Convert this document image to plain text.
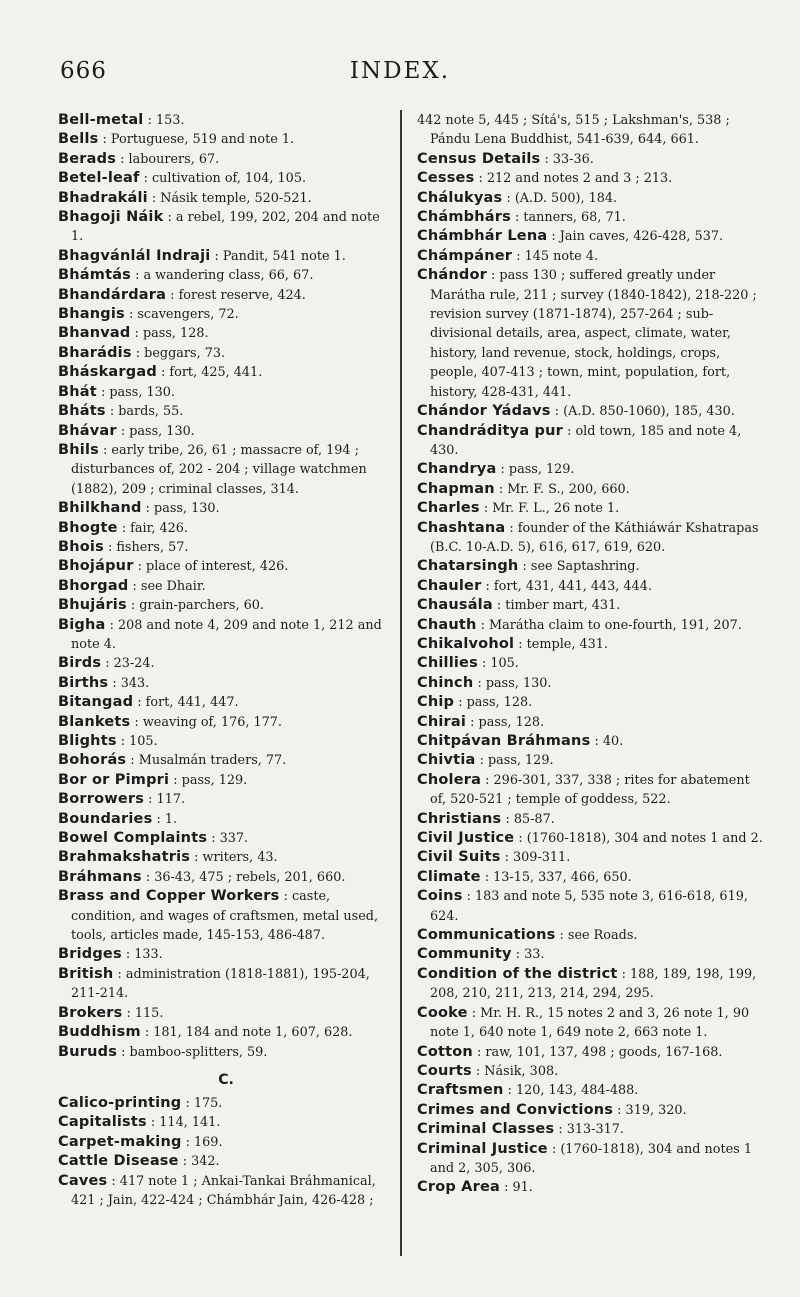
INDEX.
666
Bell-metal : 153.
Bells : Portuguese, 519 and note 1.
Berads : labourers, 67.
Betel-leaf : cultivation of, 104, 105.
Bhadrakáli : Násik temple, 520-521.
Bhagoji Náik : a rebel, 199, 202, 204 and note 1.
Bhagvánlál Indraji : Pandit, 541 note 1.
Bhámtás : a wandering class, 66, 67.
Bhandárdara : forest reserve, 424.
Bhangis : scavengers, 72.
Bhanvad : pass, 128.
Bharádis : beggars, 73.
Bháskargad : fort, 425, 441.
Bhát : pass, 130.
Bháts : bards, 55.
Bhávar : pass, 130.
Bhils : early tribe, 26, 61 ; massacre of, 194 ; disturbances of, 202 - 204 ; village watchmen (1882), 209 ; criminal classes, 314.
Bhilkhand : pass, 130.
Bhogte : fair, 426.
Bhois : fishers, 57.
Bhojápur : place of interest, 426.
Bhorgad : see Dhair.
Bhujáris : grain-parchers, 60.
Bigha : 208 and note 4, 209 and note 1, 212 and note 4.
Birds : 23-24.
Births : 343.
Bitangad : fort, 441, 447.
Blankets : weaving of, 176, 177.
Blights : 105.
Bohorás : Musalmán traders, 77.
Bor or Pimpri : pass, 129.
Borrowers : 117.
Boundaries : 1.
Bowel Complaints : 337.
Brahmakshatris : writers, 43.
Bráhmans : 36-43, 475 ; rebels, 201, 660.
Brass and Copper Workers : caste, condition, and wages of craftsmen, metal used, tools, articles made, 145-153, 486-487.
Bridges : 133.
British : administration (1818-1881), 195-204, 211-214.
Brokers : 115.
Buddhism : 181, 184 and note 1, 607, 628.
Buruds : bamboo-splitters, 59.
C.
Calico-printing : 175.
Capitalists : 114, 141.
Carpet-making : 169.
Cattle Disease : 342.
Caves : 417 note 1 ; Ankai-Tankai Bráhmanical, 421 ; Jain, 422-424 ; Chámbhár Jain, 426-428 ;
442 note 5, 445 ; Sítá's, 515 ; Lakshman's, 538 ; Pándu Lena Buddhist, 541-639, 644, 661.
Census Details : 33-36.
Cesses : 212 and notes 2 and 3 ; 213.
Chálukyas : (A.D. 500), 184.
Chámbhárs : tanners, 68, 71.
Chámbhár Lena : Jain caves, 426-428, 537.
Chámpáner : 145 note 4.
Chándor : pass 130 ; suffered greatly under Marátha rule, 211 ; survey (1840-1842), 218-220 ; revision survey (1871-1874), 257-264 ; sub-divisional details, area, aspect, climate, water, history, land revenue, stock, holdings, crops, people, 407-413 ; town, mint, population, fort, history, 428-431, 441.
Chándor Yádavs : (A.D. 850-1060), 185, 430.
Chandráditya pur : old town, 185 and note 4, 430.
Chandrya : pass, 129.
Chapman : Mr. F. S., 200, 660.
Charles : Mr. F. L., 26 note 1.
Chashtana : founder of the Káthiáwár Kshatrapas (B.C. 10-A.D. 5), 616, 617, 619, 620.
Chatarsingh : see Saptashring.
Chauler : fort, 431, 441, 443, 444.
Chausála : timber mart, 431.
Chauth : Marátha claim to one-fourth, 191, 207.
Chikalvohol : temple, 431.
Chillies : 105.
Chinch : pass, 130.
Chip : pass, 128.
Chirai : pass, 128.
Chitpávan Bráhmans : 40.
Chivtia : pass, 129.
Cholera : 296-301, 337, 338 ; rites for abatement of, 520-521 ; temple of goddess, 522.
Christians : 85-87.
Civil Justice : (1760-1818), 304 and notes 1 and 2.
Civil Suits : 309-311.
Climate : 13-15, 337, 466, 650.
Coins : 183 and note 5, 535 note 3, 616-618, 619, 624.
Communications : see Roads.
Community : 33.
Condition of the district : 188, 189, 198, 199, 208, 210, 211, 213, 214, 294, 295.
Cooke : Mr. H. R., 15 notes 2 and 3, 26 note 1, 90 note 1, 640 note 1, 649 note 2, 663 note 1.
Cotton : raw, 101, 137, 498 ; goods, 167-168.
Courts : Násik, 308.
Craftsmen : 120, 143, 484-488.
Crimes and Convictions : 319, 320.
Criminal Classes : 313-317.
Criminal Justice : (1760-1818), 304 and notes 1 and 2, 305, 306.
Crop Area : 91.
